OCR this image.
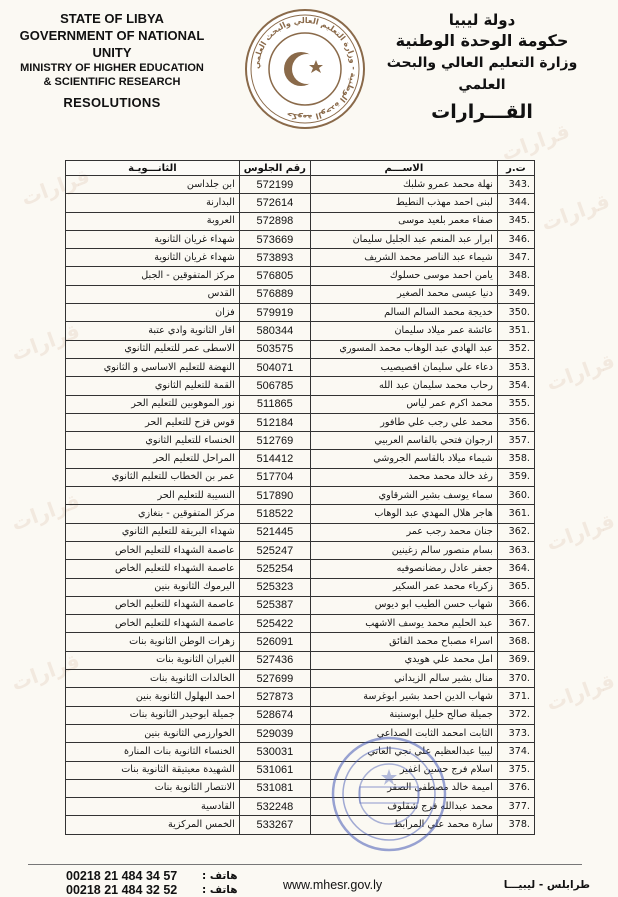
قرارات
قرارات
قرارات
قرارات
قرارات
قرارات	قرارات
قرارات	قرارات
STATE OF LIBYA
GOVERNMENT OF NATIONAL UNITY
MINISTRY OF HIGHER EDUCATION
& SCIENTIFIC RESEARCH
RESOLUTIONS
حكومة الوحدة الوطنية - وزارة التعليم العالي والبحث العلمي
دولة ليبيا
حكومة الوحدة الوطنية
وزارة التعليم العالي والبحث العلمي
القـــرارات
ت.ر	الاســـم	رقم الجلوس	الثانـــويـة
343.	نهلة محمد عمرو شلبك	572199	ابن جلداسن
344.	لبنى احمد مهذب النطيط	572614	البدارنة
345.	صفاء معمر بلعيد موسى	572898	العروبة
346.	ابرار عبد المنعم عبد الجليل سليمان	573669	شهداء غريان الثانوية
347.	شيماء عبد الناصر محمد الشريف	573893	شهداء غريان الثانوية
348.	يامن احمد موسى حسلوك	576805	مركز المتفوقين - الجبل
349.	دنيا عيسى محمد الصغير	576889	القدس
350.	خديجة محمد السالم السالم	579919	فزان
351.	عائشة عمر ميلاد سليمان	580344	اقار الثانوية وادي عتبة
352.	عبد الهادي عبد الوهاب محمد المسوري	503575	الاسطى عمر للتعليم الثانوي
353.	دعاء علي سليمان اقصيصيب	504071	النهضة للتعليم الاساسي و الثانوي
354.	رحاب محمد سليمان عبد الله	506785	القمة للتعليم الثانوي
355.	محمد اكرم عمر لياس	511865	نور الموهوبين للتعليم الحر
356.	محمد علي رجب علي طافور	512184	قوس قزح للتعليم الحر
357.	ارجوان فتحي بالقاسم العربيي	512769	الخنساء للتعليم الثانوي
358.	شيماء ميلاد بالقاسم الجروشي	514412	المراحل للتعليم الحر
359.	رغد خالد محمد محمد	517704	عمر بن الخطاب للتعليم الثانوي
360.	سماء يوسف بشير الشرقاوي	517890	النسيبة للتعليم الحر
361.	هاجر هلال المهدي عبد الوهاب	518522	مركز المتفوقين - بنغازي
362.	جنان محمد رجب عمر	521445	شهداء البريقة للتعليم الثانوي
363.	بسام منصور سالم زغينين	525247	عاصمة الشهداء للتعليم الخاص
364.	جعفر عادل رمضانصوفيه	525254	عاصمة الشهداء للتعليم الخاص
365.	زكرياء محمد عمر السكير	525323	اليرموك الثانوية بنين
366.	شهاب حسن الطيب ابو ديوس	525387	عاصمة الشهداء للتعليم الخاص
367.	عبد الحليم محمد يوسف الاشهب	525422	عاصمة الشهداء للتعليم الخاص
368.	اسراء مصباح محمد الفائق	526091	زهرات الوطن الثانوية بنات
369.	امل محمد علي هويدي	527436	الغيران الثانوية بنات
370.	منال بشير سالم الزيداني	527699	الخالدات الثانوية بنات
371.	شهاب الدين احمد بشير ابوغرسة	527873	احمد البهلول الثانوية بنين
372.	جميلة صالح خليل ابوسنينة	528674	جميلة ابوحيدر الثانوية بنات
373.	الثابت امحمد الثابت الصداعي	529039	الخوارزمي الثانوية بنين
374.	ليبيا عبدالعظيم علي نجي العاتي	530031	الخنساء الثانوية بنات المنارة
375.	اسلام فرج حسين اغفير	531061	الشهيدة معيتيقة الثانوية بنات
376.	اميمة خالد مصطفى الصقر	531081	الانتصار الثانوية بنات
377.	محمد عبدالله فرج شقلوف	532248	القادسية
378.	سارة محمد علي المرابط	533267	الخمس المركزية
00218 21 484 34 57 هاتف :
00218 21 484 32 52 هاتف :	www.mhesr.gov.ly	طرابلس - ليبيـــا
